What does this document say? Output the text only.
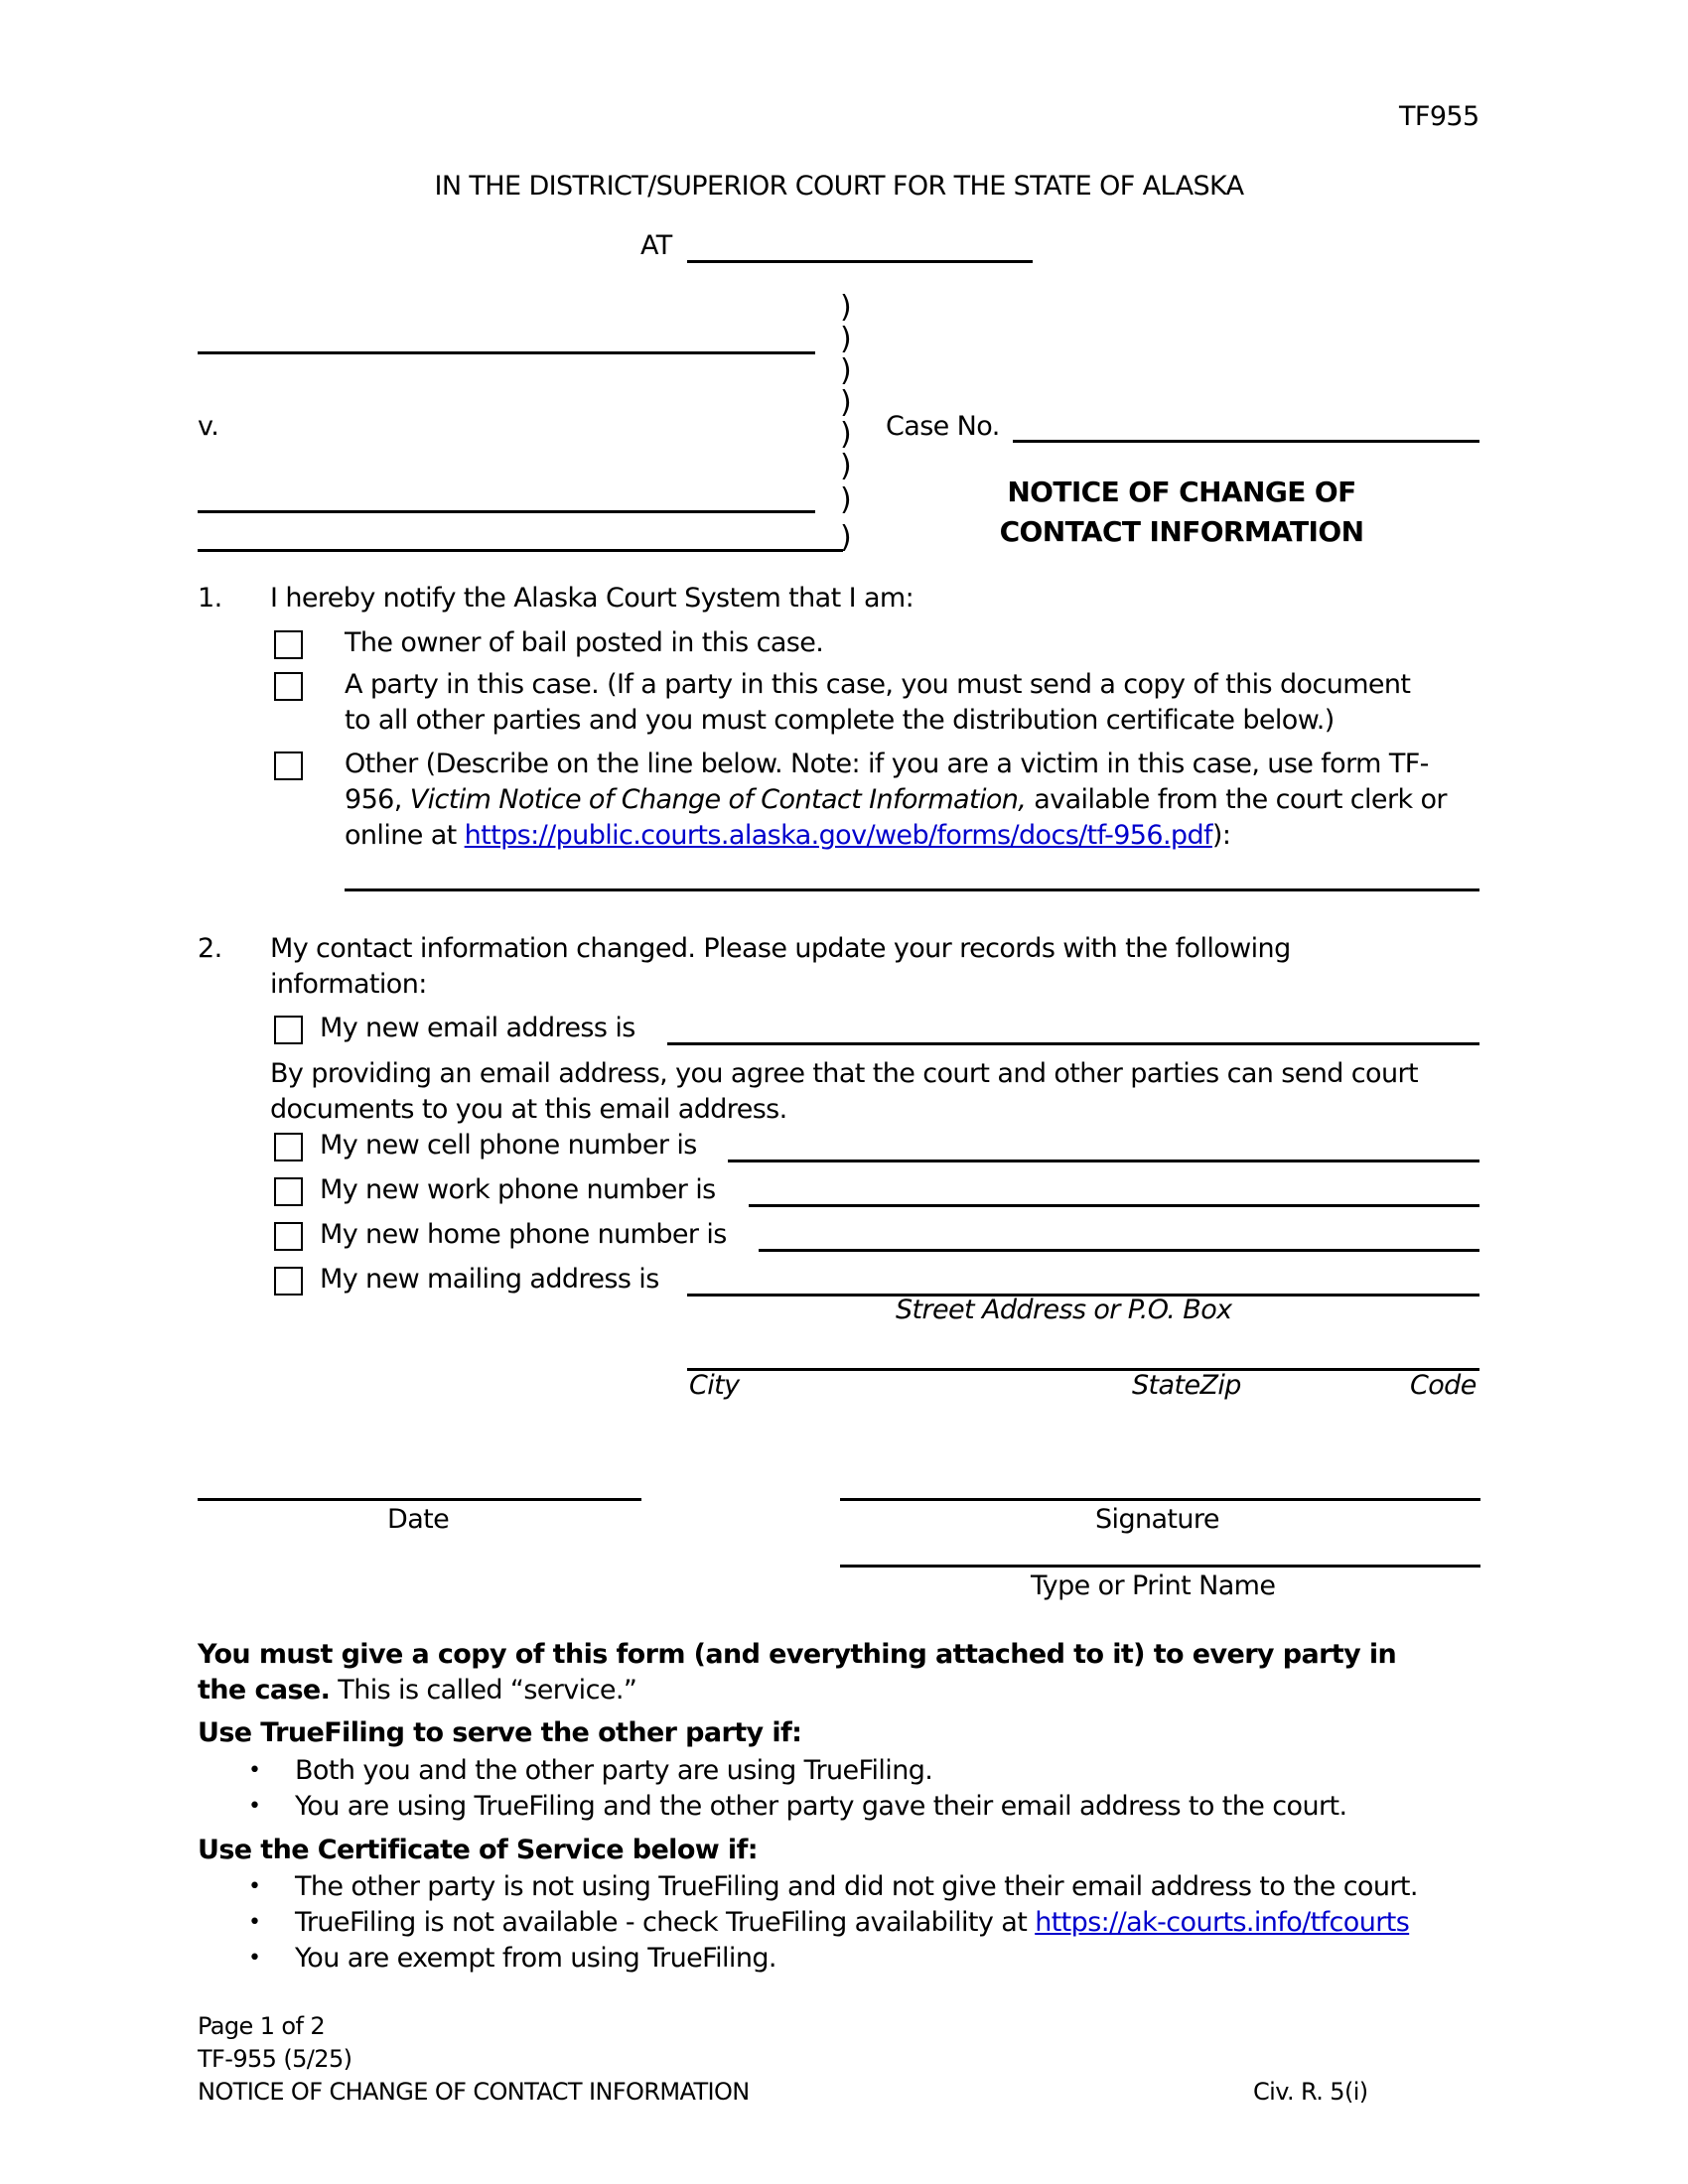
TF955
IN THE DISTRICT/SUPERIOR COURT FOR THE STATE OF ALASKA
AT
v.
)
)
)
)
)
)
)
)
Case No.
NOTICE OF CHANGE OF
CONTACT INFORMATION
1. I hereby notify the Alaska Court System that I am:
The owner of bail posted in this case.
A party in this case. (If a party in this case, you must send a copy of this document
to all other parties and you must complete the distribution certificate below.)
Other (Describe on the line below. Note: if you are a victim in this case, use form TF-
956, Victim Notice of Change of Contact Information, available from the court clerk or
online at https://public.courts.alaska.gov/web/forms/docs/tf-956.pdf):
2. My contact information changed. Please update your records with the following
information:
My new email address is
By providing an email address, you agree that the court and other parties can send court
documents to you at this email address.
My new cell phone number is
My new work phone number is
My new home phone number is
My new mailing address is
Street Address or P.O. Box
City	StateZip	Code
Date	Signature
Type or Print Name
You must give a copy of this form (and everything attached to it) to every party in
the case. This is called “service.”
Use TrueFiling to serve the other party if:
• Both you and the other party are using TrueFiling.
• You are using TrueFiling and the other party gave their email address to the court.
Use the Certificate of Service below if:
• The other party is not using TrueFiling and did not give their email address to the court.
• TrueFiling is not available - check TrueFiling availability at https://ak-courts.info/tfcourts
• You are exempt from using TrueFiling.
Page 1 of 2
TF-955 (5/25)
NOTICE OF CHANGE OF CONTACT INFORMATION	Civ. R. 5(i)
